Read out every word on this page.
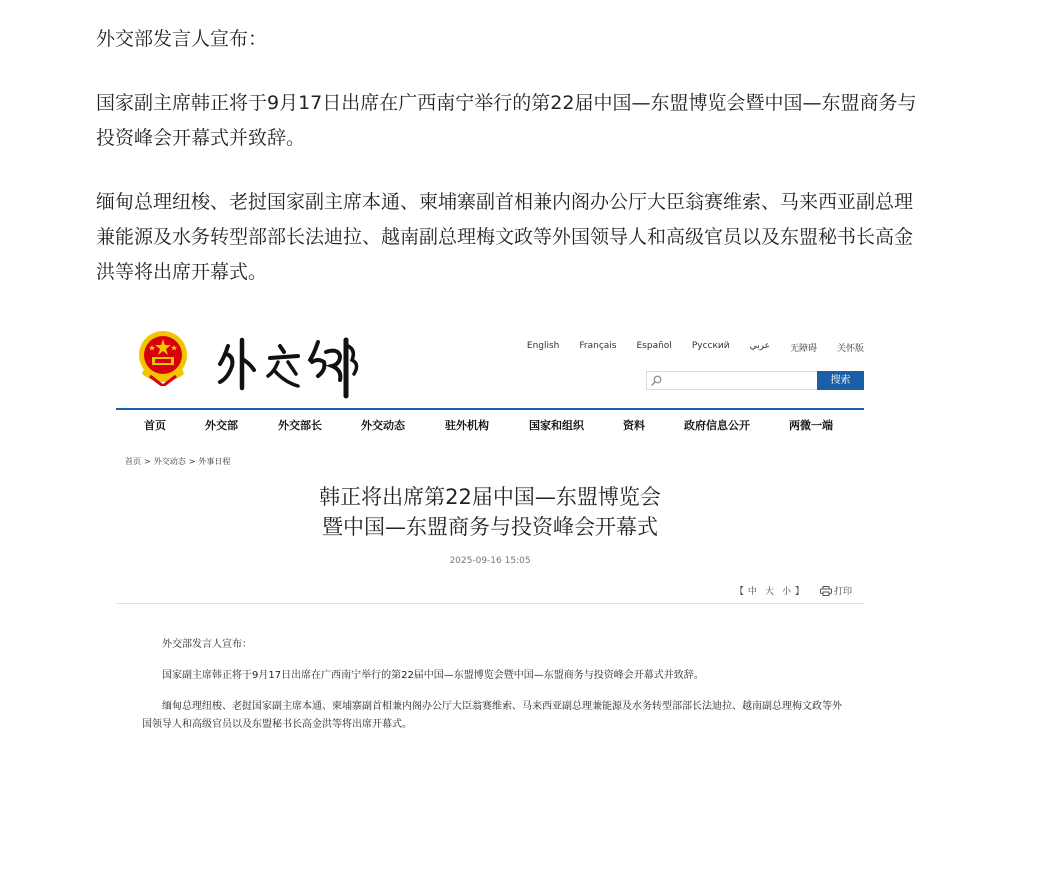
外交部发言人宣布：

国家副主席韩正将于9月17日出席在广西南宁举行的第22届中国—东盟博览会暨中国—东盟商务与投资峰会开幕式并致辞。

缅甸总理纽梭、老挝国家副主席本通、柬埔寨副首相兼内阁办公厅大臣翁赛维索、马来西亚副总理兼能源及水务转型部部长法迪拉、越南副总理梅文政等外国领导人和高级官员以及东盟秘书长高金洪等将出席开幕式。

English Français Español Русский عربي 无障碍 关怀版
搜索
首页	外交部	外交部长	外交动态	驻外机构	国家和组织	资料	政府信息公开	两微一端
首页 > 外交动态 > 外事日程
韩正将出席第22届中国—东盟博览会
暨中国—东盟商务与投资峰会开幕式
2025-09-16 15:05
【 中 大 小 】	打印

外交部发言人宣布：

国家副主席韩正将于9月17日出席在广西南宁举行的第22届中国—东盟博览会暨中国—东盟商务与投资峰会开幕式并致辞。

缅甸总理纽梭、老挝国家副主席本通、柬埔寨副首相兼内阁办公厅大臣翁赛维索、马来西亚副总理兼能源及水务转型部部长法迪拉、越南副总理梅文政等外国领导人和高级官员以及东盟秘书长高金洪等将出席开幕式。
